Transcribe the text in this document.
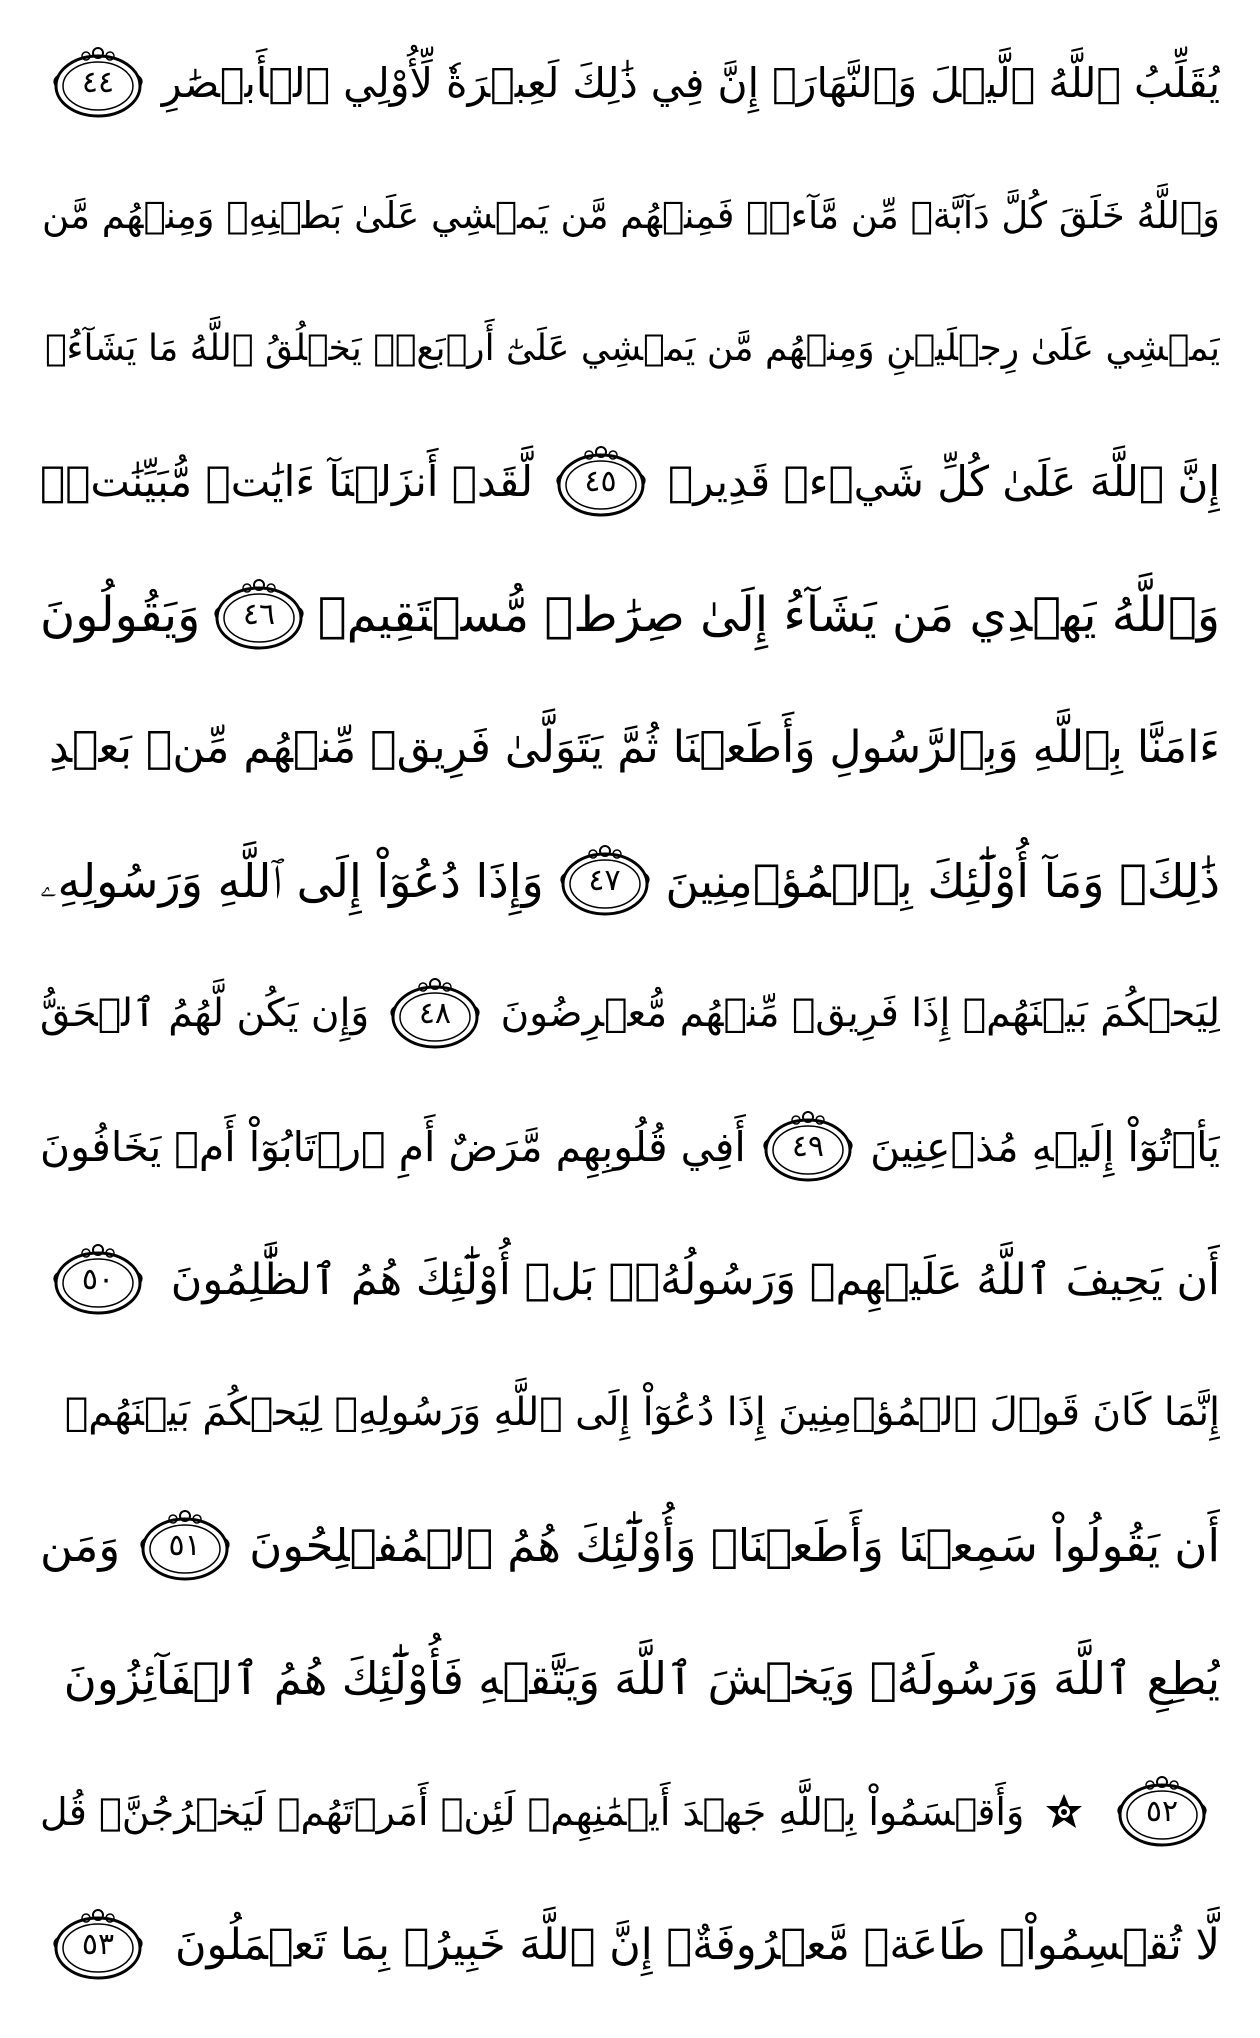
يُقَلِّبُ ٱللَّهُ ٱلَّيۡلَ وَٱلنَّهَارَۚ إِنَّ فِي ذَٰلِكَ لَعِبۡرَةٗ لِّأُوْلِي ٱلۡأَبۡصَٰرِ
٤٤
وَٱللَّهُ خَلَقَ كُلَّ دَآبَّةٖ مِّن مَّآءٖۖ فَمِنۡهُم مَّن يَمۡشِي عَلَىٰ بَطۡنِهِۦ وَمِنۡهُم مَّن
يَمۡشِي عَلَىٰ رِجۡلَيۡنِ وَمِنۡهُم مَّن يَمۡشِي عَلَىٰٓ أَرۡبَعٖۚ يَخۡلُقُ ٱللَّهُ مَا يَشَآءُۚ
إِنَّ ٱللَّهَ عَلَىٰ كُلِّ شَيۡءٖ قَدِيرٞ
٤٥
لَّقَدۡ أَنزَلۡنَآ ءَايَٰتٖ مُّبَيِّنَٰتٖۚ
وَٱللَّهُ يَهۡدِي مَن يَشَآءُ إِلَىٰ صِرَٰطٖ مُّسۡتَقِيمٖ
٤٦
وَيَقُولُونَ
ءَامَنَّا بِٱللَّهِ وَبِٱلرَّسُولِ وَأَطَعۡنَا ثُمَّ يَتَوَلَّىٰ فَرِيقٞ مِّنۡهُم مِّنۢ بَعۡدِ
ذَٰلِكَۚ وَمَآ أُوْلَٰٓئِكَ بِٱلۡمُؤۡمِنِينَ
٤٧
وَإِذَا دُعُوٓاْ إِلَى ٱللَّهِ وَرَسُولِهِۦ
لِيَحۡكُمَ بَيۡنَهُمۡ إِذَا فَرِيقٞ مِّنۡهُم مُّعۡرِضُونَ
٤٨
وَإِن يَكُن لَّهُمُ ٱلۡحَقُّ
يَأۡتُوٓاْ إِلَيۡهِ مُذۡعِنِينَ
٤٩
أَفِي قُلُوبِهِم مَّرَضٌ أَمِ ٱرۡتَابُوٓاْ أَمۡ يَخَافُونَ
أَن يَحِيفَ ٱللَّهُ عَلَيۡهِمۡ وَرَسُولُهُۥۚ بَلۡ أُوْلَٰٓئِكَ هُمُ ٱلظَّٰلِمُونَ
٥٠
إِنَّمَا كَانَ قَوۡلَ ٱلۡمُؤۡمِنِينَ إِذَا دُعُوٓاْ إِلَى ٱللَّهِ وَرَسُولِهِۦ لِيَحۡكُمَ بَيۡنَهُمۡ
أَن يَقُولُواْ سَمِعۡنَا وَأَطَعۡنَاۚ وَأُوْلَٰٓئِكَ هُمُ ٱلۡمُفۡلِحُونَ
٥١
وَمَن
يُطِعِ ٱللَّهَ وَرَسُولَهُۥ وَيَخۡشَ ٱللَّهَ وَيَتَّقۡهِ فَأُوْلَٰٓئِكَ هُمُ ٱلۡفَآئِزُونَ
٥٢
وَأَقۡسَمُواْ بِٱللَّهِ جَهۡدَ أَيۡمَٰنِهِمۡ لَئِنۡ أَمَرۡتَهُمۡ لَيَخۡرُجُنَّۖ قُل
لَّا تُقۡسِمُواْۖ طَاعَةٞ مَّعۡرُوفَةٌۚ إِنَّ ٱللَّهَ خَبِيرُۢ بِمَا تَعۡمَلُونَ
٥٣
